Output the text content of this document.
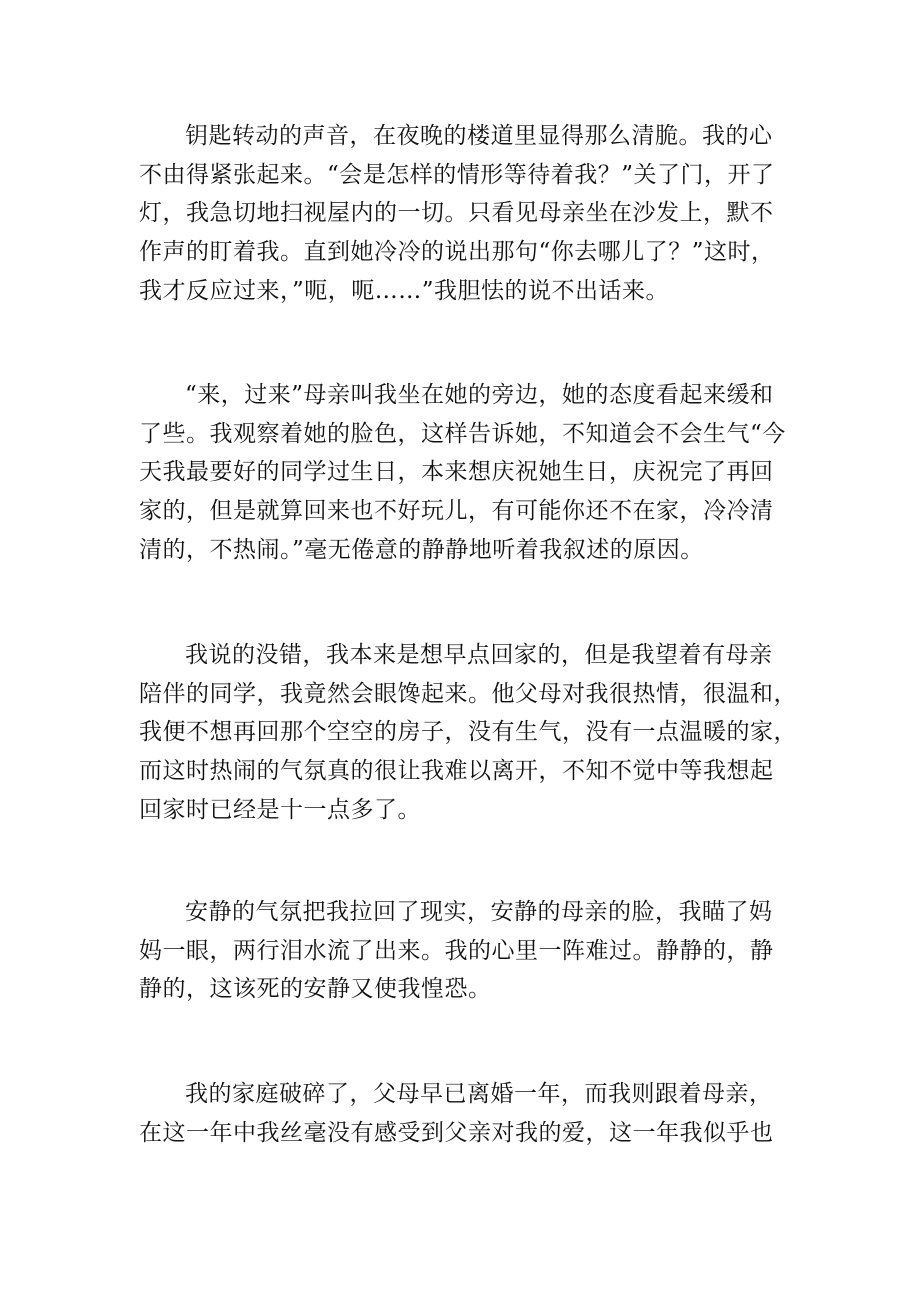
钥匙转动的声音，在夜晚的楼道里显得那么清脆。我的心
不由得紧张起来。“会是怎样的情形等待着我？”关了门，开了
灯，我急切地扫视屋内的一切。只看见母亲坐在沙发上，默不
作声的盯着我。直到她冷冷的说出那句“你去哪儿了？”这时，
我才反应过来，”呃，呃……”我胆怯的说不出话来。
“来，过来”母亲叫我坐在她的旁边，她的态度看起来缓和
了些。我观察着她的脸色，这样告诉她，不知道会不会生气“今
天我最要好的同学过生日，本来想庆祝她生日，庆祝完了再回
家的，但是就算回来也不好玩儿，有可能你还不在家，冷冷清
清的，不热闹。”毫无倦意的静静地听着我叙述的原因。
我说的没错，我本来是想早点回家的，但是我望着有母亲
陪伴的同学，我竟然会眼馋起来。他父母对我很热情，很温和，
我便不想再回那个空空的房子，没有生气，没有一点温暖的家，
而这时热闹的气氛真的很让我难以离开，不知不觉中等我想起
回家时已经是十一点多了。
安静的气氛把我拉回了现实，安静的母亲的脸，我瞄了妈
妈一眼，两行泪水流了出来。我的心里一阵难过。静静的，静
静的，这该死的安静又使我惶恐。
我的家庭破碎了，父母早已离婚一年，而我则跟着母亲，
在这一年中我丝毫没有感受到父亲对我的爱，这一年我似乎也
